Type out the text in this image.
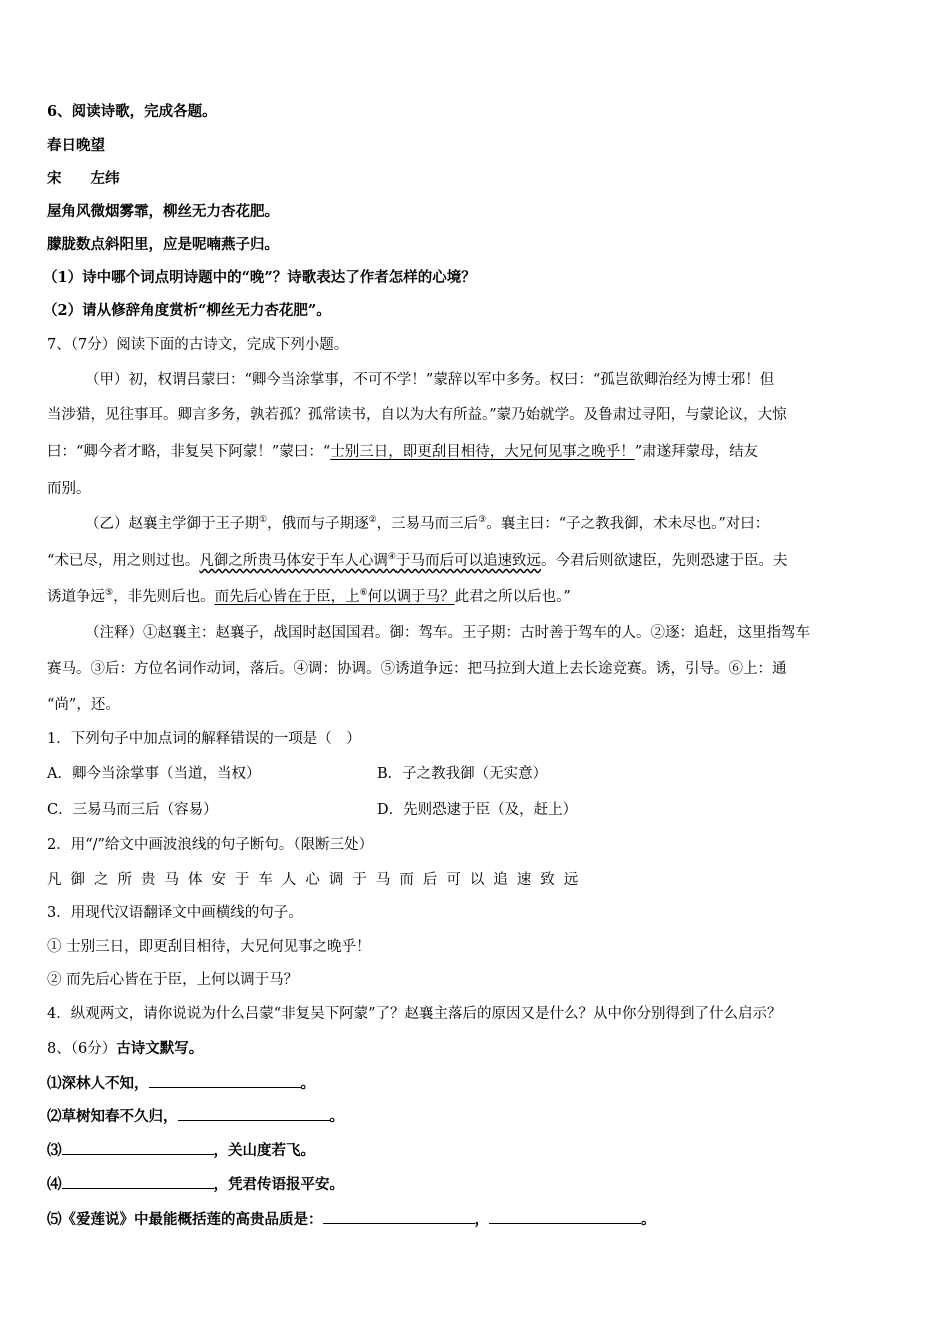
6、阅读诗歌，完成各题。
春日晚望
宋　　左纬
屋角风微烟雾霏，柳丝无力杏花肥。
朦胧数点斜阳里，应是呢喃燕子归。
（1）诗中哪个词点明诗题中的“晚”？诗歌表达了作者怎样的心境？
（2）请从修辞角度赏析“柳丝无力杏花肥”。
7、（7分）阅读下面的古诗文，完成下列小题。
（甲）初，权谓吕蒙曰：“卿今当涂掌事，不可不学！”蒙辞以军中多务。权曰：“孤岂欲卿治经为博士邪！但
当涉猎，见往事耳。卿言多务，孰若孤？孤常读书，自以为大有所益。”蒙乃始就学。及鲁肃过寻阳，与蒙论议，大惊
曰：“卿今者才略，非复吴下阿蒙！”蒙曰：“士别三日，即更刮目相待，大兄何见事之晚乎！”肃遂拜蒙母，结友
而别。
（乙）赵襄主学御于王子期①，俄而与子期逐②，三易马而三后③。襄主曰：“子之教我御，术未尽也。”对曰：
“术已尽，用之则过也。凡御之所贵马体安于车人心调④于马而后可以追速致远。今君后则欲逮臣，先则恐逮于臣。夫
诱道争远⑤，非先则后也。而先后心皆在于臣，上⑥何以调于马？此君之所以后也。”
（注释）①赵襄主：赵襄子，战国时赵国国君。御：驾车。王子期：古时善于驾车的人。②逐：追赶，这里指驾车
赛马。③后：方位名词作动词，落后。④调：协调。⑤诱道争远：把马拉到大道上去长途竞赛。诱，引导。⑥上：通
“尚”，还。
1．下列句子中加点词的解释错误的一项是（　）
A．卿今当涂掌事（当道，当权）	B．子之教我御（无实意）
C．三易马而三后（容易）	D．先则恐逮于臣（及，赶上）
2．用“/”给文中画波浪线的句子断句。（限断三处）
凡御之所贵马体安于车人心调于马而后可以追速致远
3．用现代汉语翻译文中画横线的句子。
① 士别三日，即更刮目相待，大兄何见事之晚乎！
② 而先后心皆在于臣，上何以调于马？
4．纵观两文，请你说说为什么吕蒙“非复吴下阿蒙”了？赵襄主落后的原因又是什么？从中你分别得到了什么启示？
8、（6分）古诗文默写。
⑴深林人不知，	。
⑵草树知春不久归，	。
⑶	，关山度若飞。
⑷	，凭君传语报平安。
⑸《爱莲说》中最能概括莲的高贵品质是：	，	。
